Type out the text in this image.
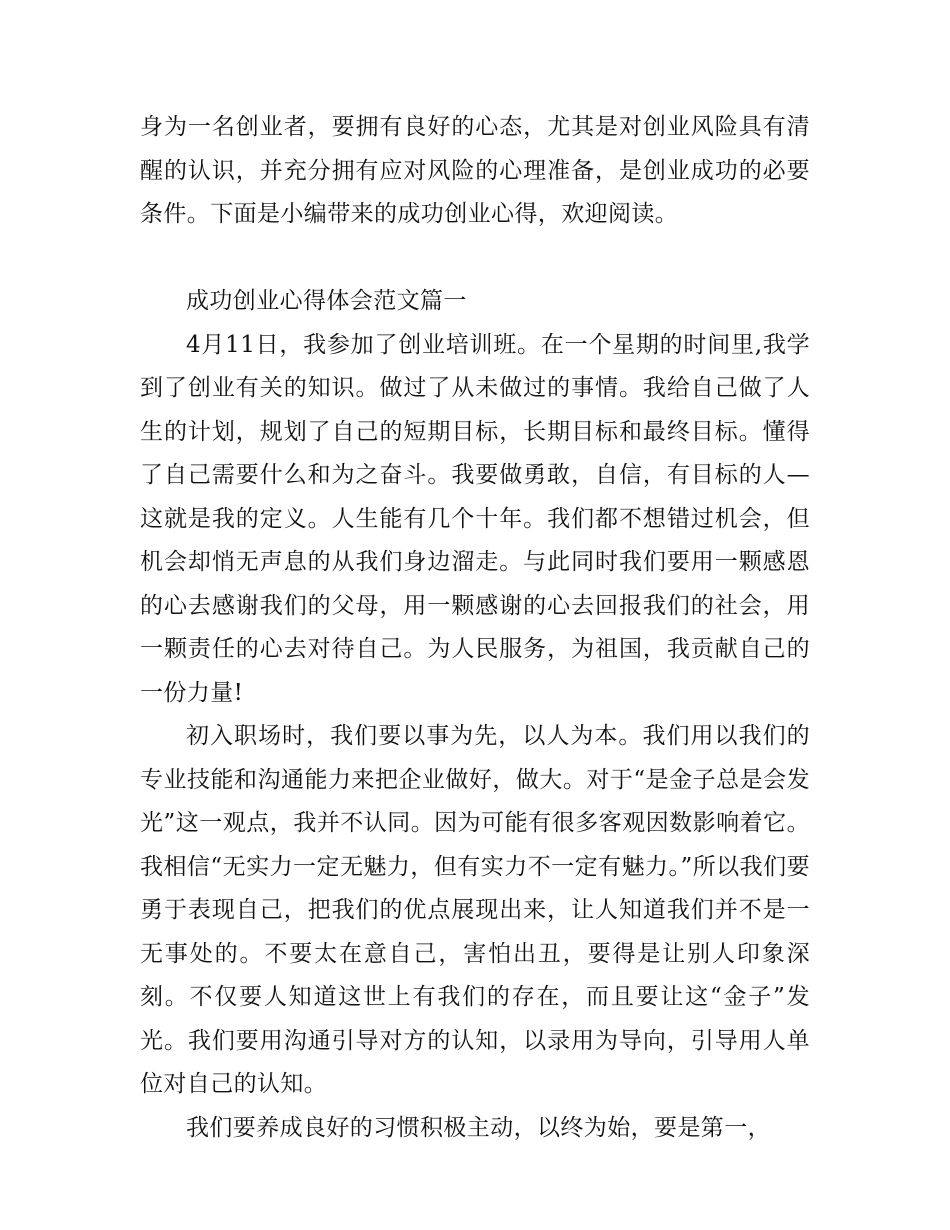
身为一名创业者，要拥有良好的心态，尤其是对创业风险具有清醒的认识，并充分拥有应对风险的心理准备，是创业成功的必要条件。下面是小编带来的成功创业心得，欢迎阅读。

成功创业心得体会范文篇一

4月11日，我参加了创业培训班。在一个星期的时间里,我学到了创业有关的知识。做过了从未做过的事情。我给自己做了人生的计划，规划了自己的短期目标，长期目标和最终目标。懂得了自己需要什么和为之奋斗。我要做勇敢，自信，有目标的人—这就是我的定义。人生能有几个十年。我们都不想错过机会，但机会却悄无声息的从我们身边溜走。与此同时我们要用一颗感恩的心去感谢我们的父母，用一颗感谢的心去回报我们的社会，用一颗责任的心去对待自己。为人民服务，为祖国，我贡献自己的一份力量!

初入职场时，我们要以事为先，以人为本。我们用以我们的专业技能和沟通能力来把企业做好，做大。对于“是金子总是会发光”这一观点，我并不认同。因为可能有很多客观因数影响着它。我相信“无实力一定无魅力，但有实力不一定有魅力。”所以我们要勇于表现自己，把我们的优点展现出来，让人知道我们并不是一无事处的。不要太在意自己，害怕出丑，要得是让别人印象深刻。不仅要人知道这世上有我们的存在，而且要让这“金子”发光。我们要用沟通引导对方的认知，以录用为导向，引导用人单位对自己的认知。

我们要养成良好的习惯积极主动，以终为始，要是第一，
